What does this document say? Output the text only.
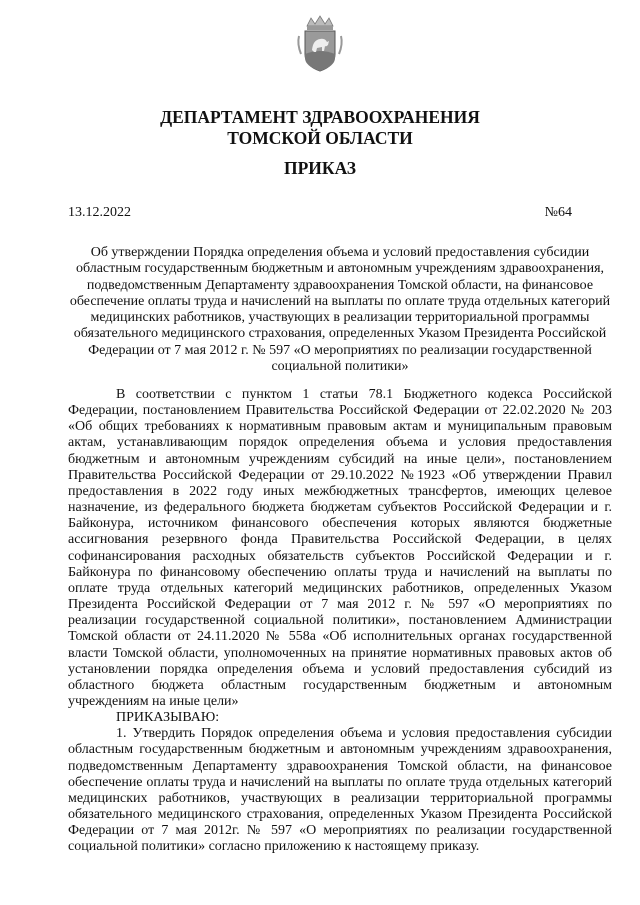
ДЕПАРТАМЕНТ ЗДРАВООХРАНЕНИЯ
ТОМСКОЙ ОБЛАСТИ
ПРИКАЗ
13.12.2022	№64
Об утверждении Порядка определения объема и условий предоставления субсидии областным государственным бюджетным и автономным учреждениям здравоохранения, подведомственным Департаменту здравоохранения Томской области, на финансовое обеспечение оплаты труда и начислений на выплаты по оплате труда отдельных категорий медицинских работников, участвующих в реализации территориальной программы обязательного медицинского страхования, определенных Указом Президента Российской Федерации от 7 мая 2012 г. № 597 «О мероприятиях по реализации государственной социальной политики»

В соответствии с пунктом 1 статьи 78.1 Бюджетного кодекса Российской Федерации, постановлением Правительства Российской Федерации от 22.02.2020 № 203 «Об общих требованиях к нормативным правовым актам и муниципальным правовым актам, устанавливающим порядок определения объема и условия предоставления бюджетным и автономным учреждениям субсидий на иные цели», постановлением Правительства Российской Федерации от 29.10.2022 №1923 «Об утверждении Правил предоставления в 2022 году иных межбюджетных трансфертов, имеющих целевое назначение, из федерального бюджета бюджетам субъектов Российской Федерации и г. Байконура, источником финансового обеспечения которых являются бюджетные ассигнования резервного фонда Правительства Российской Федерации, в целях софинансирования расходных обязательств субъектов Российской Федерации и г. Байконура по финансовому обеспечению оплаты труда и начислений на выплаты по оплате труда отдельных категорий медицинских работников, определенных Указом Президента Российской Федерации от 7 мая 2012 г. № 597 «О мероприятиях по реализации государственной социальной политики», постановлением Администрации Томской области от 24.11.2020 № 558а «Об исполнительных органах государственной власти Томской области, уполномоченных на принятие нормативных правовых актов об установлении порядка определения объема и условий предоставления субсидий из областного бюджета областным государственным бюджетным и автономным учреждениям на иные цели»

ПРИКАЗЫВАЮ:

1. Утвердить Порядок определения объема и условия предоставления субсидии областным государственным бюджетным и автономным учреждениям здравоохранения, подведомственным Департаменту здравоохранения Томской области, на финансовое обеспечение оплаты труда и начислений на выплаты по оплате труда отдельных категорий медицинских работников, участвующих в реализации территориальной программы обязательного медицинского страхования, определенных Указом Президента Российской Федерации от 7 мая 2012г. № 597 «О мероприятиях по реализации государственной социальной политики» согласно приложению к настоящему приказу.
